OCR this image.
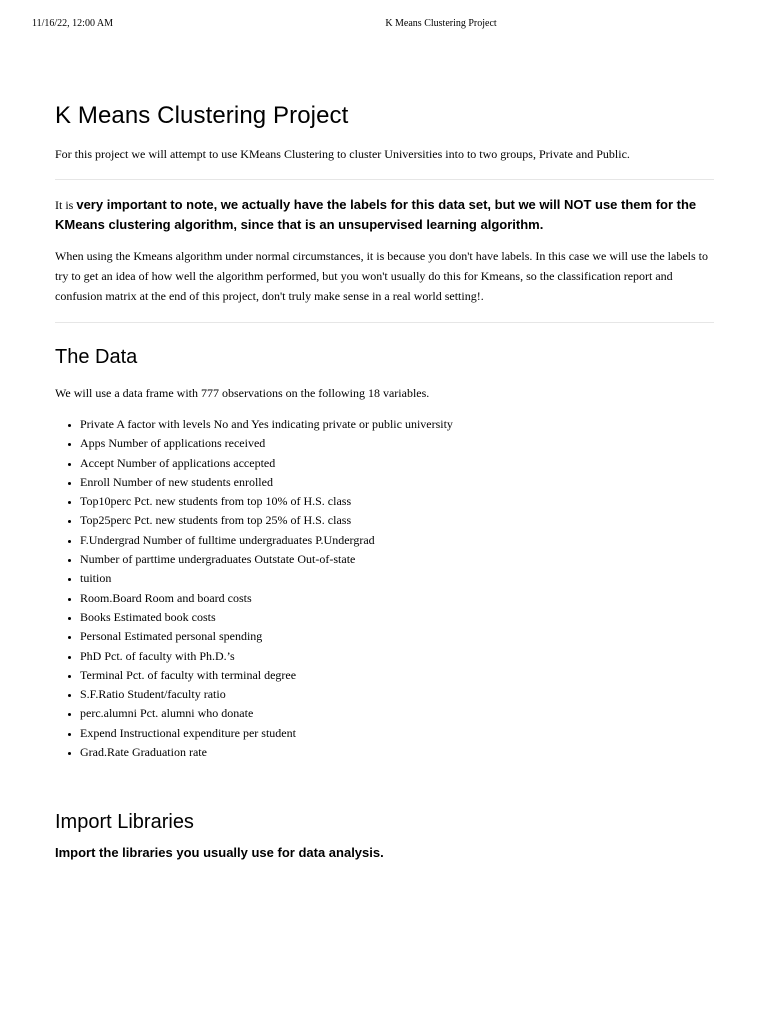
11/16/22, 12:00 AM	K Means Clustering Project
K Means Clustering Project

For this project we will attempt to use KMeans Clustering to cluster Universities into to two groups, Private and Public.

It is very important to note, we actually have the labels for this data set, but we will NOT use them for the KMeans clustering algorithm, since that is an unsupervised learning algorithm.

When using the Kmeans algorithm under normal circumstances, it is because you don't have labels. In this case we will use the labels to try to get an idea of how well the algorithm performed, but you won't usually do this for Kmeans, so the classification report and confusion matrix at the end of this project, don't truly make sense in a real world setting!.

The Data

We will use a data frame with 777 observations on the following 18 variables.

• Private A factor with levels No and Yes indicating private or public university
• Apps Number of applications received
• Accept Number of applications accepted
• Enroll Number of new students enrolled
• Top10perc Pct. new students from top 10% of H.S. class
• Top25perc Pct. new students from top 25% of H.S. class
• F.Undergrad Number of fulltime undergraduates P.Undergrad
• Number of parttime undergraduates Outstate Out-of-state
• tuition
• Room.Board Room and board costs
• Books Estimated book costs
• Personal Estimated personal spending
• PhD Pct. of faculty with Ph.D.’s
• Terminal Pct. of faculty with terminal degree
• S.F.Ratio Student/faculty ratio
• perc.alumni Pct. alumni who donate
• Expend Instructional expenditure per student
• Grad.Rate Graduation rate
Import Libraries

Import the libraries you usually use for data analysis.
